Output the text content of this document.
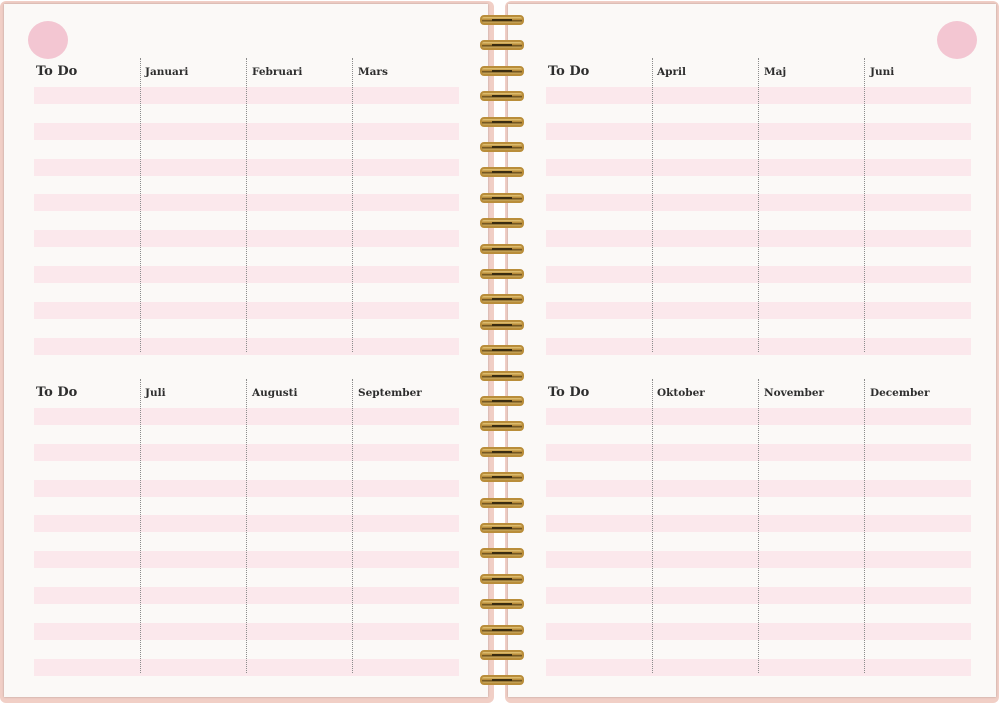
To Do	Januari	Februari	Mars
To Do	Juli	Augusti	September
To Do	April	Maj	Juni
To Do	Oktober	November	December
